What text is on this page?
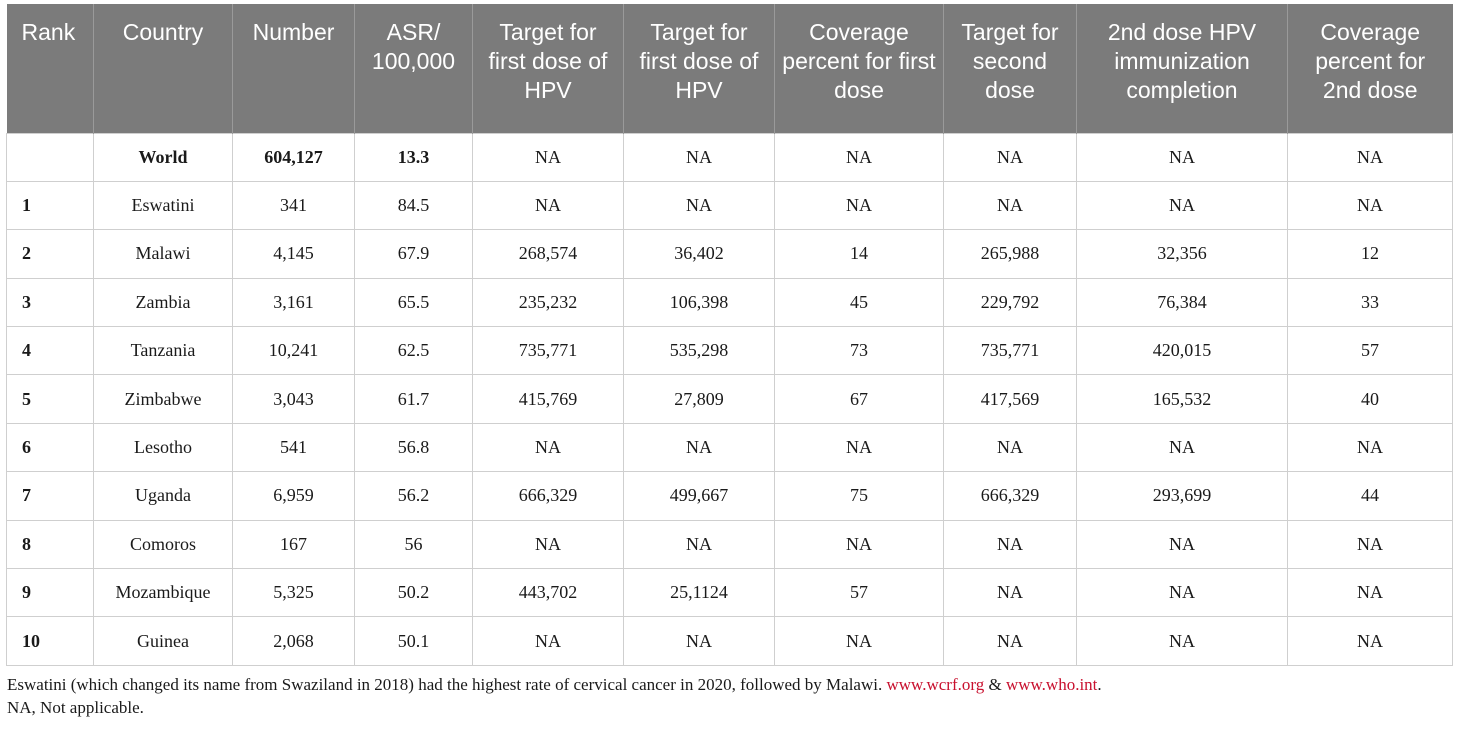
Rank	Country	Number	ASR/ 100,000	Target for first dose of HPV	Target for first dose of HPV	Coverage percent for first dose	Target for second dose	2nd dose HPV immunization completion	Coverage percent for 2nd dose
	World	604,127	13.3	NA	NA	NA	NA	NA	NA
1	Eswatini	341	84.5	NA	NA	NA	NA	NA	NA
2	Malawi	4,145	67.9	268,574	36,402	14	265,988	32,356	12
3	Zambia	3,161	65.5	235,232	106,398	45	229,792	76,384	33
4	Tanzania	10,241	62.5	735,771	535,298	73	735,771	420,015	57
5	Zimbabwe	3,043	61.7	415,769	27,809	67	417,569	165,532	40
6	Lesotho	541	56.8	NA	NA	NA	NA	NA	NA
7	Uganda	6,959	56.2	666,329	499,667	75	666,329	293,699	44
8	Comoros	167	56	NA	NA	NA	NA	NA	NA
9	Mozambique	5,325	50.2	443,702	25,1124	57	NA	NA	NA
10	Guinea	2,068	50.1	NA	NA	NA	NA	NA	NA
Eswatini (which changed its name from Swaziland in 2018) had the highest rate of cervical cancer in 2020, followed by Malawi. www.wcrf.org & www.who.int.
NA, Not applicable.
